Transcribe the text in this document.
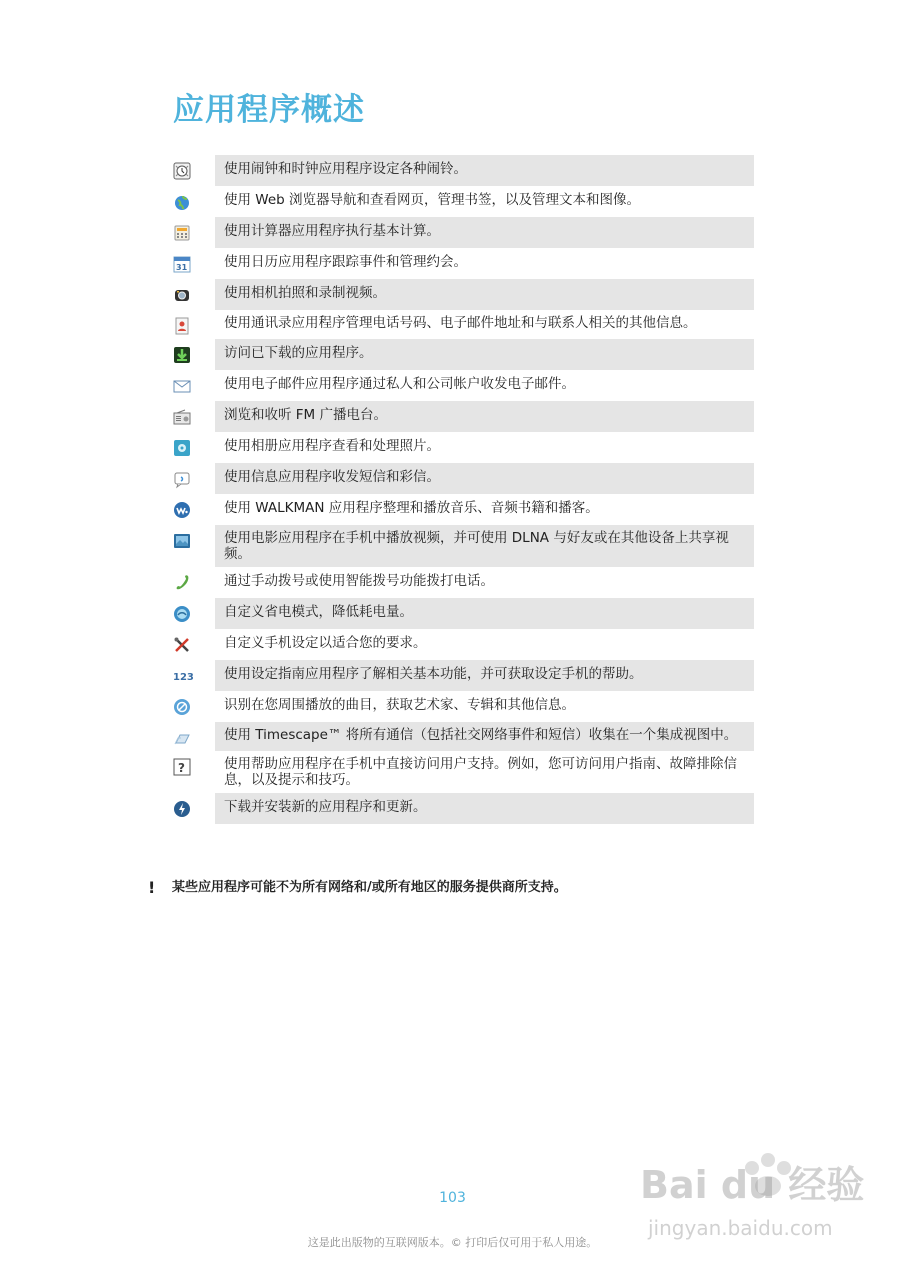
应用程序概述
使用闹钟和时钟应用程序设定各种闹铃。
使用 Web 浏览器导航和查看网页，管理书签，以及管理文本和图像。
使用计算器应用程序执行基本计算。
31	使用日历应用程序跟踪事件和管理约会。
使用相机拍照和录制视频。
使用通讯录应用程序管理电话号码、电子邮件地址和与联系人相关的其他信息。
访问已下载的应用程序。
使用电子邮件应用程序通过私人和公司帐户收发电子邮件。
浏览和收听 FM 广播电台。
使用相册应用程序查看和处理照片。
使用信息应用程序收发短信和彩信。
使用 WALKMAN 应用程序整理和播放音乐、音频书籍和播客。
使用电影应用程序在手机中播放视频，并可使用 DLNA 与好友或在其他设备上共享视频。
通过手动拨号或使用智能拨号功能拨打电话。
自定义省电模式，降低耗电量。
自定义手机设定以适合您的要求。
123	使用设定指南应用程序了解相关基本功能，并可获取设定手机的帮助。
识别在您周围播放的曲目，获取艺术家、专辑和其他信息。
使用 Timescape™ 将所有通信（包括社交网络事件和短信）收集在一个集成视图中。
?	使用帮助应用程序在手机中直接访问用户支持。例如，您可访问用户指南、故障排除信息，以及提示和技巧。
下载并安装新的应用程序和更新。
!	某些应用程序可能不为所有网络和/或所有地区的服务提供商所支持。
Bai du 经验
jingyan.baidu.com
103
这是此出版物的互联网版本。© 打印后仅可用于私人用途。
